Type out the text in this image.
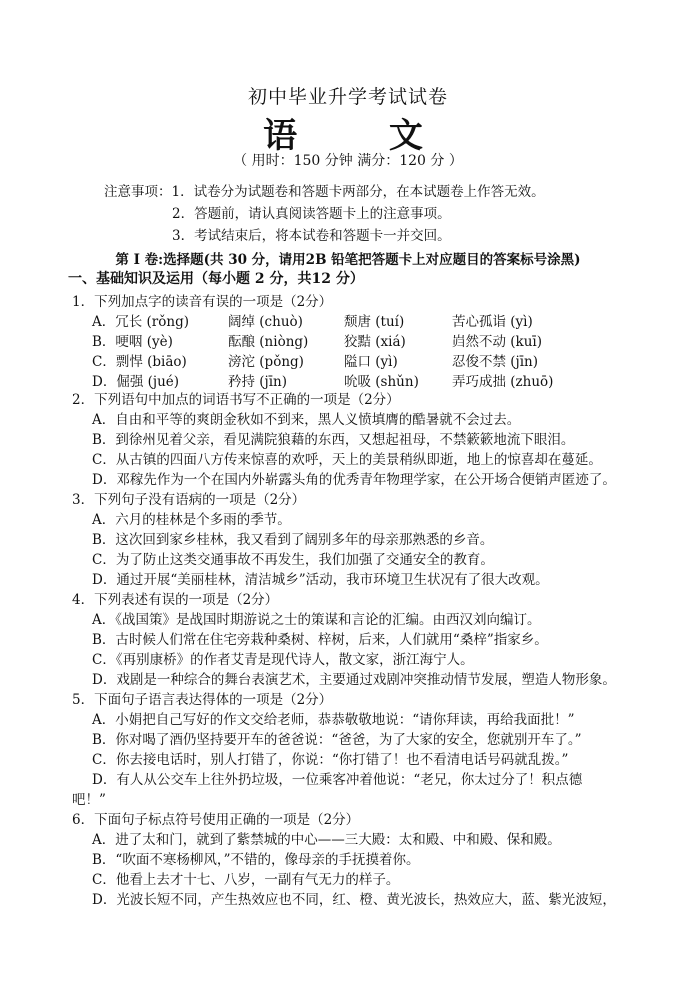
初中毕业升学考试试卷
语 文
（ 用时：150 分钟 满分：120 分 ）
注意事项：1．试卷分为试题卷和答题卡两部分，在本试题卷上作答无效。
2．答题前，请认真阅读答题卡上的注意事项。
3．考试结束后，将本试卷和答题卡一并交回。
第 I 卷:选择题(共 30 分，请用2B 铅笔把答题卡上对应题目的答案标号涂黑)
一、基础知识及运用（每小题 2 分，共12 分）
1．下列加点字的读音有误的一项是（2分）
A．冗长 (rǒng)	阔绰 (chuò)	颓唐 (tuí)	苦心孤诣 (yì)
B．哽咽 (yè)	酝酿 (niòng)	狡黠 (xiá)	岿然不动 (kuī)
C．剽悍 (biāo)	滂沱 (pǒng)	隘口 (yì)	忍俊不禁 (jīn)
D．倔强 (jué)	矜持 (jīn)	吮吸 (shǔn) 弄巧成拙 (zhuō)
2．下列语句中加点的词语书写不正确的一项是（2分）
A．自由和平等的爽朗金秋如不到来，黑人义愤填膺的酷暑就不会过去。
B．到徐州见着父亲，看见满院狼藉的东西，又想起祖母，不禁簌簌地流下眼泪。
C．从古镇的四面八方传来惊喜的欢呼，天上的美景稍纵即逝，地上的惊喜却在蔓延。
D．邓稼先作为一个在国内外崭露头角的优秀青年物理学家，在公开场合便销声匿迹了。
3．下列句子没有语病的一项是（2分）
A．六月的桂林是个多雨的季节。
B．这次回到家乡桂林，我又看到了阔别多年的母亲那熟悉的乡音。
C．为了防止这类交通事故不再发生，我们加强了交通安全的教育。
D．通过开展“美丽桂林，清洁城乡”活动，我市环境卫生状况有了很大改观。
4．下列表述有误的一项是（2分）
A．《战国策》是战国时期游说之士的策谋和言论的汇编。由西汉刘向编订。
B．古时候人们常在住宅旁栽种桑树、梓树，后来，人们就用“桑梓”指家乡。
C．《再别康桥》的作者艾青是现代诗人，散文家，浙江海宁人。
D．戏剧是一种综合的舞台表演艺术，主要通过戏剧冲突推动情节发展，塑造人物形象。
5．下面句子语言表达得体的一项是（2分）
A．小娟把自己写好的作文交给老师，恭恭敬敬地说：“请你拜读，再给我面批！”
B．你对喝了酒仍坚持要开车的爸爸说：“爸爸，为了大家的安全，您就别开车了。”
C．你去接电话时，别人打错了，你说：“你打错了！也不看清电话号码就乱拨。”
D．有人从公交车上往外扔垃圾，一位乘客冲着他说：“老兄，你太过分了！积点德
吧！”
6．下面句子标点符号使用正确的一项是（2分）
A．进了太和门，就到了紫禁城的中心——三大殿：太和殿、中和殿、保和殿。
B．“吹面不寒杨柳风，”不错的，像母亲的手抚摸着你。
C．他看上去才十七、八岁，一副有气无力的样子。
D．光波长短不同，产生热效应也不同，红、橙、黄光波长，热效应大，蓝、紫光波短，
